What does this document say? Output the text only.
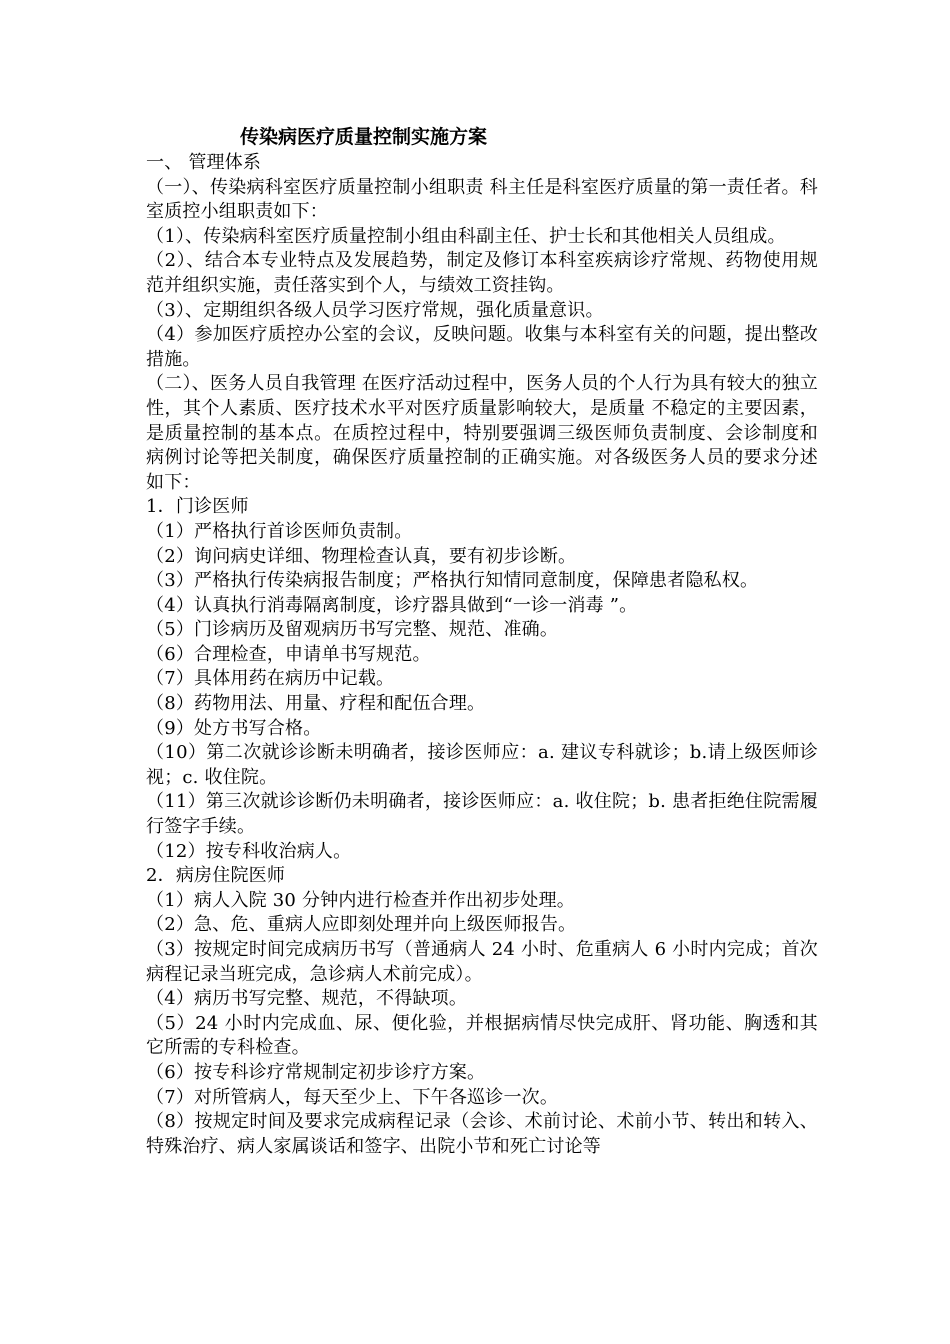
传染病医疗质量控制实施方案

一、 管理体系

（一）、传染病科室医疗质量控制小组职责 科主任是科室医疗质量的第一责任者。科室质控小组职责如下：

（1）、传染病科室医疗质量控制小组由科副主任、护士长和其他相关人员组成。

（2）、结合本专业特点及发展趋势，制定及修订本科室疾病诊疗常规、药物使用规范并组织实施，责任落实到个人，与绩效工资挂钩。

（3）、定期组织各级人员学习医疗常规，强化质量意识。

（4）参加医疗质控办公室的会议，反映问题。收集与本科室有关的问题，提出整改措施。

（二）、医务人员自我管理 在医疗活动过程中，医务人员的个人行为具有较大的独立性，其个人素质、医疗技术水平对医疗质量影响较大，是质量 不稳定的主要因素，是质量控制的基本点。在质控过程中，特别要强调三级医师负责制度、会诊制度和病例讨论等把关制度，确保医疗质量控制的正确实施。对各级医务人员的要求分述如下：

1．门诊医师

（1）严格执行首诊医师负责制。

（2）询问病史详细、物理检查认真，要有初步诊断。

（3）严格执行传染病报告制度；严格执行知情同意制度，保障患者隐私权。

（4）认真执行消毒隔离制度，诊疗器具做到“一诊一消毒 ”。

（5）门诊病历及留观病历书写完整、规范、准确。

（6）合理检查，申请单书写规范。

（7）具体用药在病历中记载。

（8）药物用法、用量、疗程和配伍合理。

（9）处方书写合格。

（10）第二次就诊诊断未明确者，接诊医师应：a. 建议专科就诊；b.请上级医师诊视；c. 收住院。

（11）第三次就诊诊断仍未明确者，接诊医师应：a. 收住院；b. 患者拒绝住院需履行签字手续。

（12）按专科收治病人。

2．病房住院医师

（1）病人入院 30 分钟内进行检查并作出初步处理。

（2）急、危、重病人应即刻处理并向上级医师报告。

（3）按规定时间完成病历书写（普通病人 24 小时、危重病人 6 小时内完成；首次病程记录当班完成，急诊病人术前完成）。

（4）病历书写完整、规范，不得缺项。

（5）24 小时内完成血、尿、便化验，并根据病情尽快完成肝、肾功能、胸透和其它所需的专科检查。

（6）按专科诊疗常规制定初步诊疗方案。

（7）对所管病人，每天至少上、下午各巡诊一次。

（8）按规定时间及要求完成病程记录（会诊、术前讨论、术前小节、转出和转入、特殊治疗、病人家属谈话和签字、出院小节和死亡讨论等
